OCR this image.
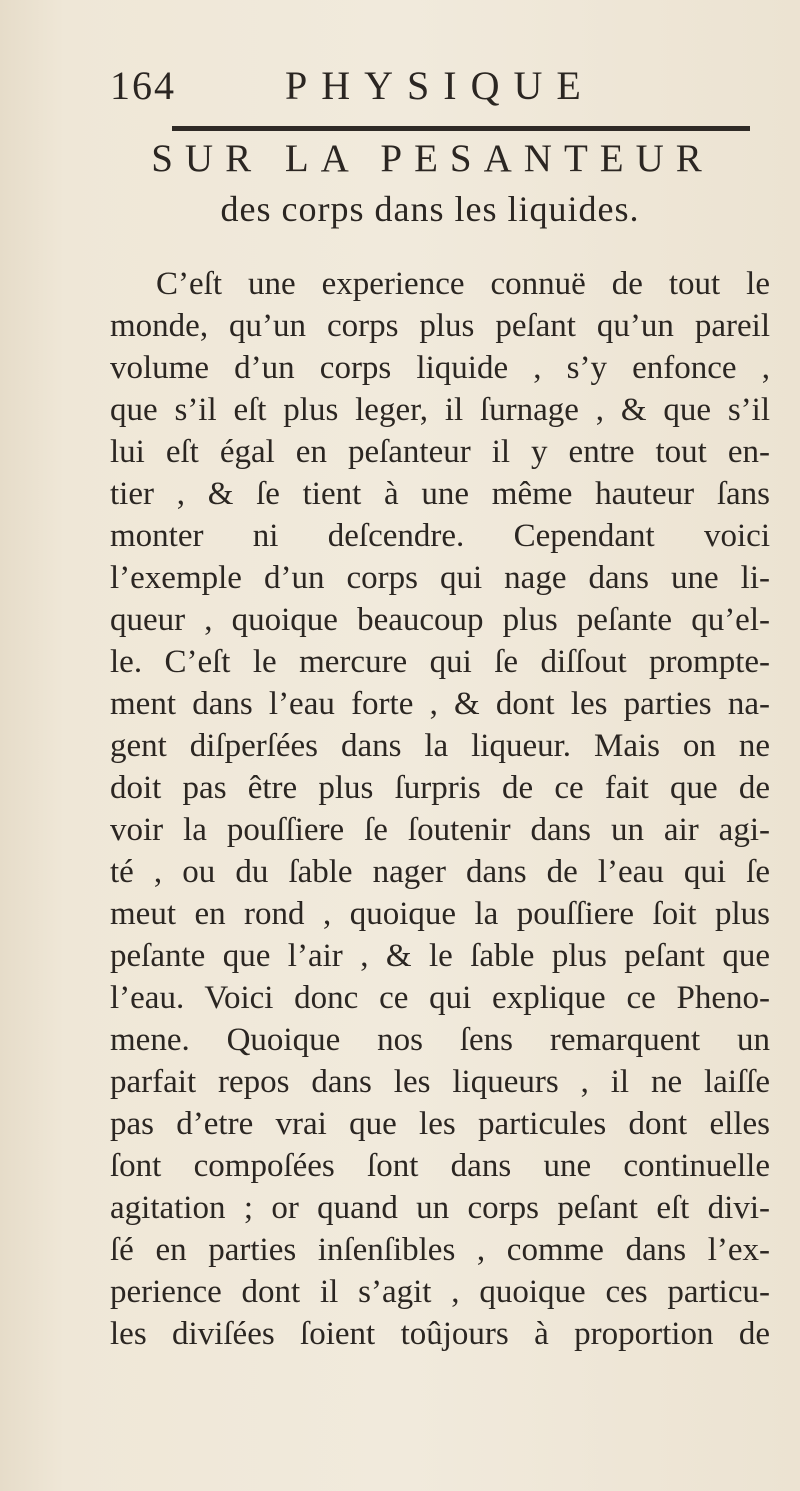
164	PHYSIQUE
SUR LA PESANTEUR
des corps dans les liquides.
C’eſt une experience connuë de tout le
monde, qu’un corps plus peſant qu’un pareil
volume d’un corps liquide , s’y enfonce ,
que s’il eſt plus leger, il ſurnage , & que s’il
lui eſt égal en peſanteur il y entre tout en-
tier , & ſe tient à une même hauteur ſans
monter ni deſcendre. Cependant voici
l’exemple d’un corps qui nage dans une li-
queur , quoique beaucoup plus peſante qu’el-
le. C’eſt le mercure qui ſe diſſout prompte-
ment dans l’eau forte , & dont les parties na-
gent diſperſées dans la liqueur. Mais on ne
doit pas être plus ſurpris de ce fait que de
voir la pouſſiere ſe ſoutenir dans un air agi-
té , ou du ſable nager dans de l’eau qui ſe
meut en rond , quoique la pouſſiere ſoit plus
peſante que l’air , & le ſable plus peſant que
l’eau. Voici donc ce qui explique ce Pheno-
mene. Quoique nos ſens remarquent un
parfait repos dans les liqueurs , il ne laiſſe
pas d’etre vrai que les particules dont elles
ſont compoſées ſont dans une continuelle
agitation ; or quand un corps peſant eſt divi-
ſé en parties inſenſibles , comme dans l’ex-
perience dont il s’agit , quoique ces particu-
les diviſées ſoient toûjours à proportion de
